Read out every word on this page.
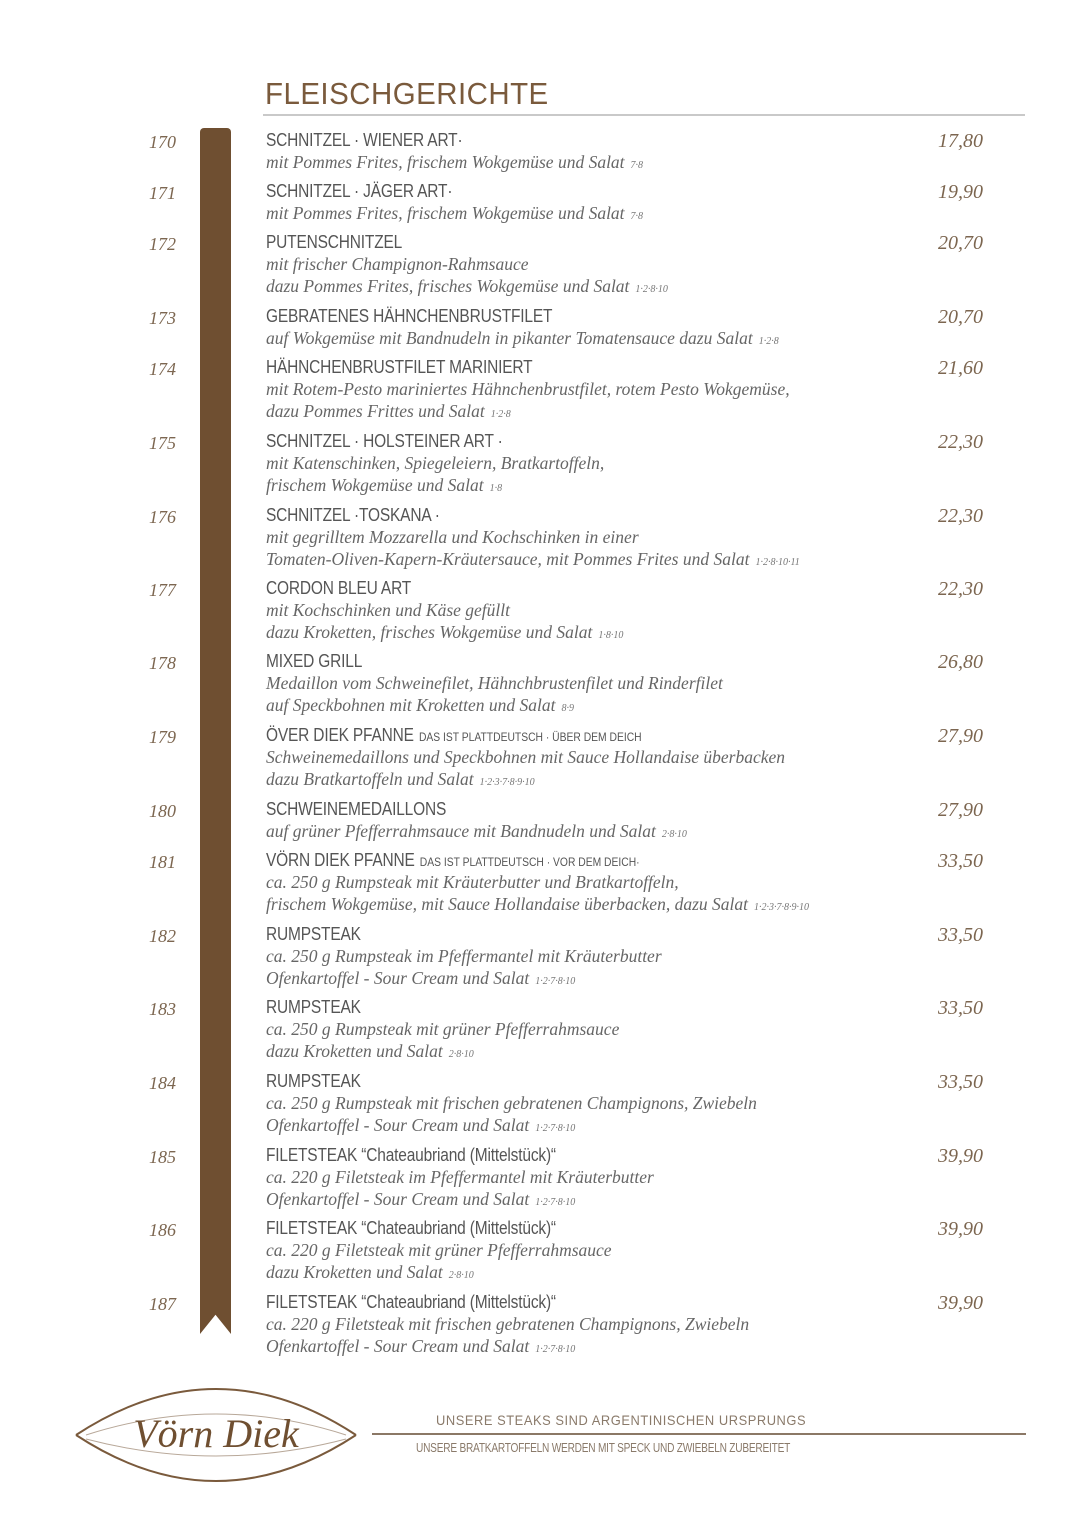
FLEISCHGERICHTE
170	SCHNITZEL · WIENER ART·	17,80
mit Pommes Frites, frischem Wokgemüse und Salat 7·8
171	SCHNITZEL · JÄGER ART·	19,90
mit Pommes Frites, frischem Wokgemüse und Salat 7·8
172	PUTENSCHNITZEL	20,70
mit frischer Champignon-Rahmsauce
dazu Pommes Frites, frisches Wokgemüse und Salat 1·2·8·10
173	GEBRATENES HÄHNCHENBRUSTFILET	20,70
auf Wokgemüse mit Bandnudeln in pikanter Tomatensauce dazu Salat 1·2·8
174	HÄHNCHENBRUSTFILET MARINIERT	21,60
mit Rotem-Pesto mariniertes Hähnchenbrustfilet, rotem Pesto Wokgemüse,
dazu Pommes Frittes und Salat 1·2·8
175	SCHNITZEL · HOLSTEINER ART ·	22,30
mit Katenschinken, Spiegeleiern, Bratkartoffeln,
frischem Wokgemüse und Salat 1·8
176	SCHNITZEL ·TOSKANA ·	22,30
mit gegrilltem Mozzarella und Kochschinken in einer
Tomaten-Oliven-Kapern-Kräutersauce, mit Pommes Frites und Salat 1·2·8·10·11
177	CORDON BLEU ART	22,30
mit Kochschinken und Käse gefüllt
dazu Kroketten, frisches Wokgemüse und Salat 1·8·10
178	MIXED GRILL	26,80
Medaillon vom Schweinefilet, Hähnchbrustenfilet und Rinderfilet
auf Speckbohnen mit Kroketten und Salat 8·9
179	ÖVER DIEK PFANNE DAS IST PLATTDEUTSCH · ÜBER DEM DEICH	27,90
Schweinemedaillons und Speckbohnen mit Sauce Hollandaise überbacken
dazu Bratkartoffeln und Salat 1·2·3·7·8·9·10
180	SCHWEINEMEDAILLONS	27,90
auf grüner Pfefferrahmsauce mit Bandnudeln und Salat 2·8·10
181	VÖRN DIEK PFANNE DAS IST PLATTDEUTSCH · VOR DEM DEICH·	33,50
ca. 250 g Rumpsteak mit Kräuterbutter und Bratkartoffeln,
frischem Wokgemüse, mit Sauce Hollandaise überbacken, dazu Salat 1·2·3·7·8·9·10
182	RUMPSTEAK	33,50
ca. 250 g Rumpsteak im Pfeffermantel mit Kräuterbutter
Ofenkartoffel - Sour Cream und Salat 1·2·7·8·10
183	RUMPSTEAK	33,50
ca. 250 g Rumpsteak mit grüner Pfefferrahmsauce
dazu Kroketten und Salat 2·8·10
184	RUMPSTEAK	33,50
ca. 250 g Rumpsteak mit frischen gebratenen Champignons, Zwiebeln
Ofenkartoffel - Sour Cream und Salat 1·2·7·8·10
185	FILETSTEAK “Chateaubriand (Mittelstück)“	39,90
ca. 220 g Filetsteak im Pfeffermantel mit Kräuterbutter
Ofenkartoffel - Sour Cream und Salat 1·2·7·8·10
186	FILETSTEAK “Chateaubriand (Mittelstück)“	39,90
ca. 220 g Filetsteak mit grüner Pfefferrahmsauce
dazu Kroketten und Salat 2·8·10
187	FILETSTEAK “Chateaubriand (Mittelstück)“	39,90
ca. 220 g Filetsteak mit frischen gebratenen Champignons, Zwiebeln
Ofenkartoffel - Sour Cream und Salat 1·2·7·8·10
Vörn Diek	UNSERE STEAKS SIND ARGENTINISCHEN URSPRUNGS
UNSERE BRATKARTOFFELN WERDEN MIT SPECK UND ZWIEBELN ZUBEREITET
